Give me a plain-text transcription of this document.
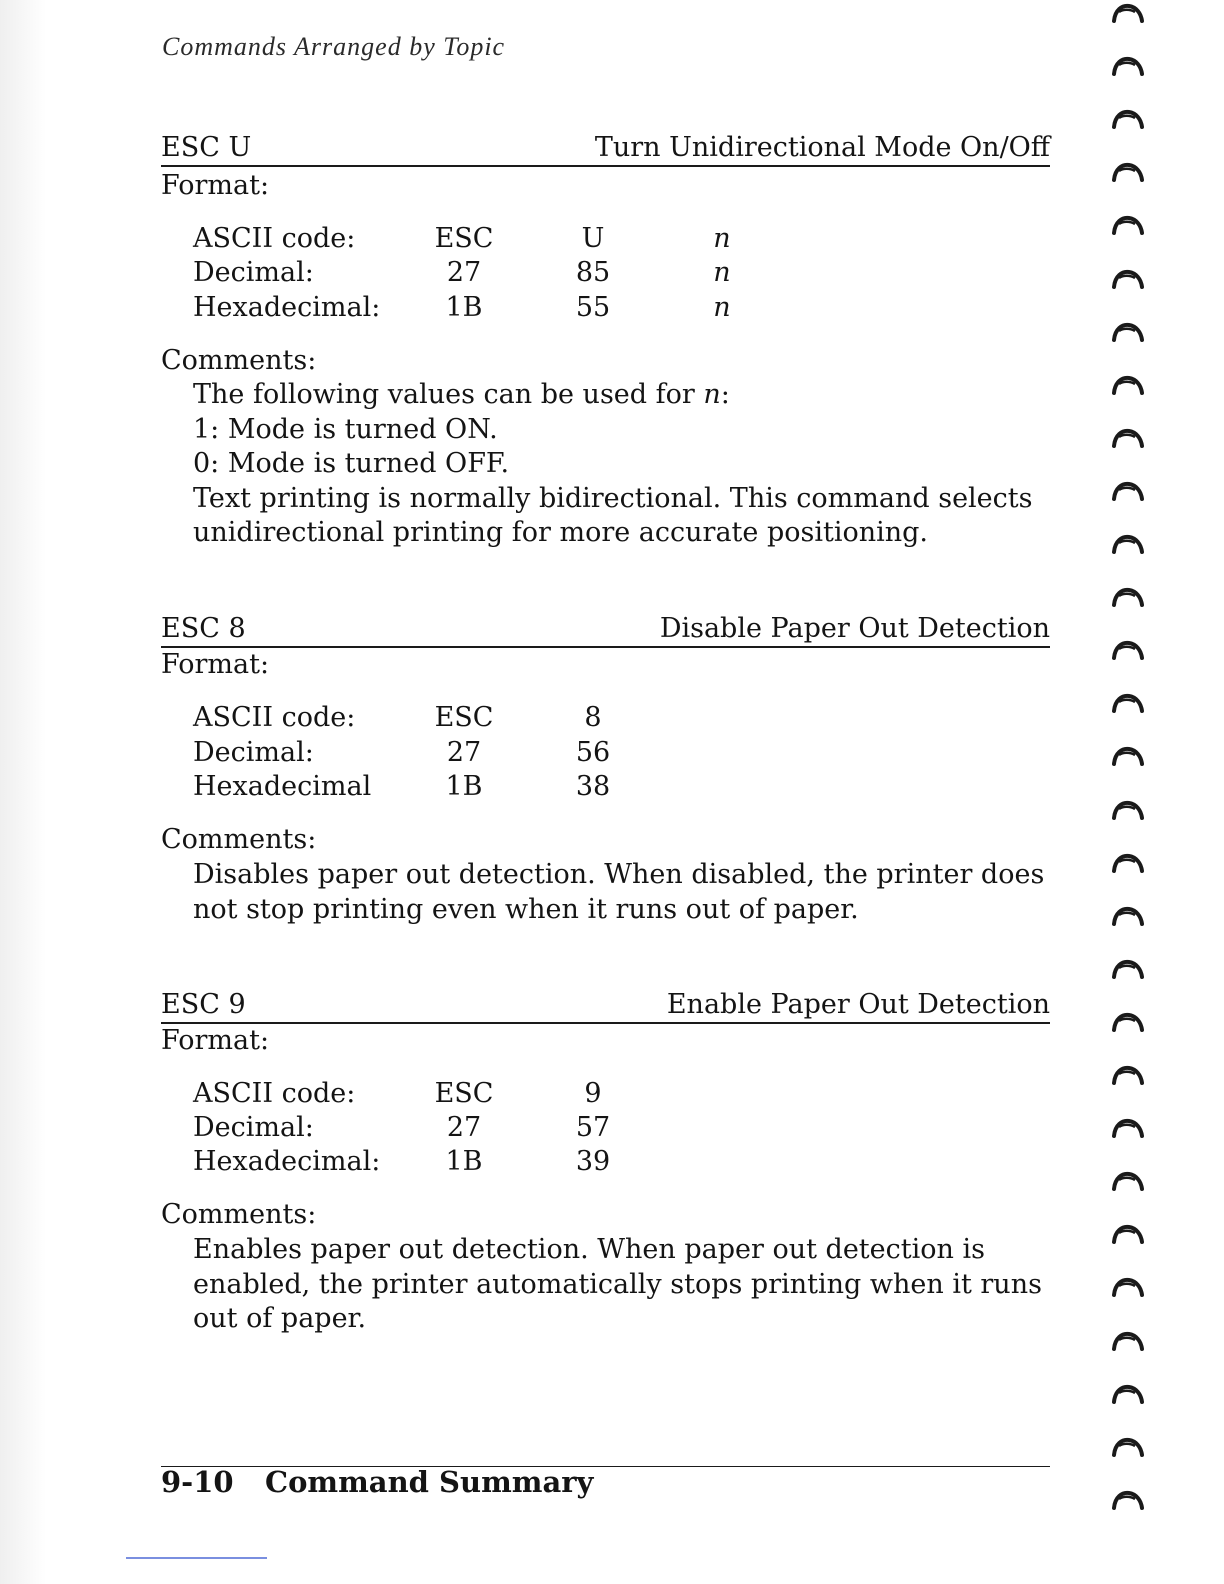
Commands Arranged by Topic
ESC U	Turn Unidirectional Mode On/Off
Format:
ASCII code:	ESC	U	n
Decimal:	27	85	n
Hexadecimal:	1B	55	n
Comments:
The following values can be used for n:
1: Mode is turned ON.
0: Mode is turned OFF.
Text printing is normally bidirectional. This command selects
unidirectional printing for more accurate positioning.
ESC 8	Disable Paper Out Detection
Format:
ASCII code:	ESC	8
Decimal:	27	56
Hexadecimal	1B	38
Comments:
Disables paper out detection. When disabled, the printer does
not stop printing even when it runs out of paper.
ESC 9	Enable Paper Out Detection
Format:
ASCII code:	ESC	9
Decimal:	27	57
Hexadecimal:	1B	39
Comments:
Enables paper out detection. When paper out detection is
enabled, the printer automatically stops printing when it runs
out of paper.
9-10 Command Summary
